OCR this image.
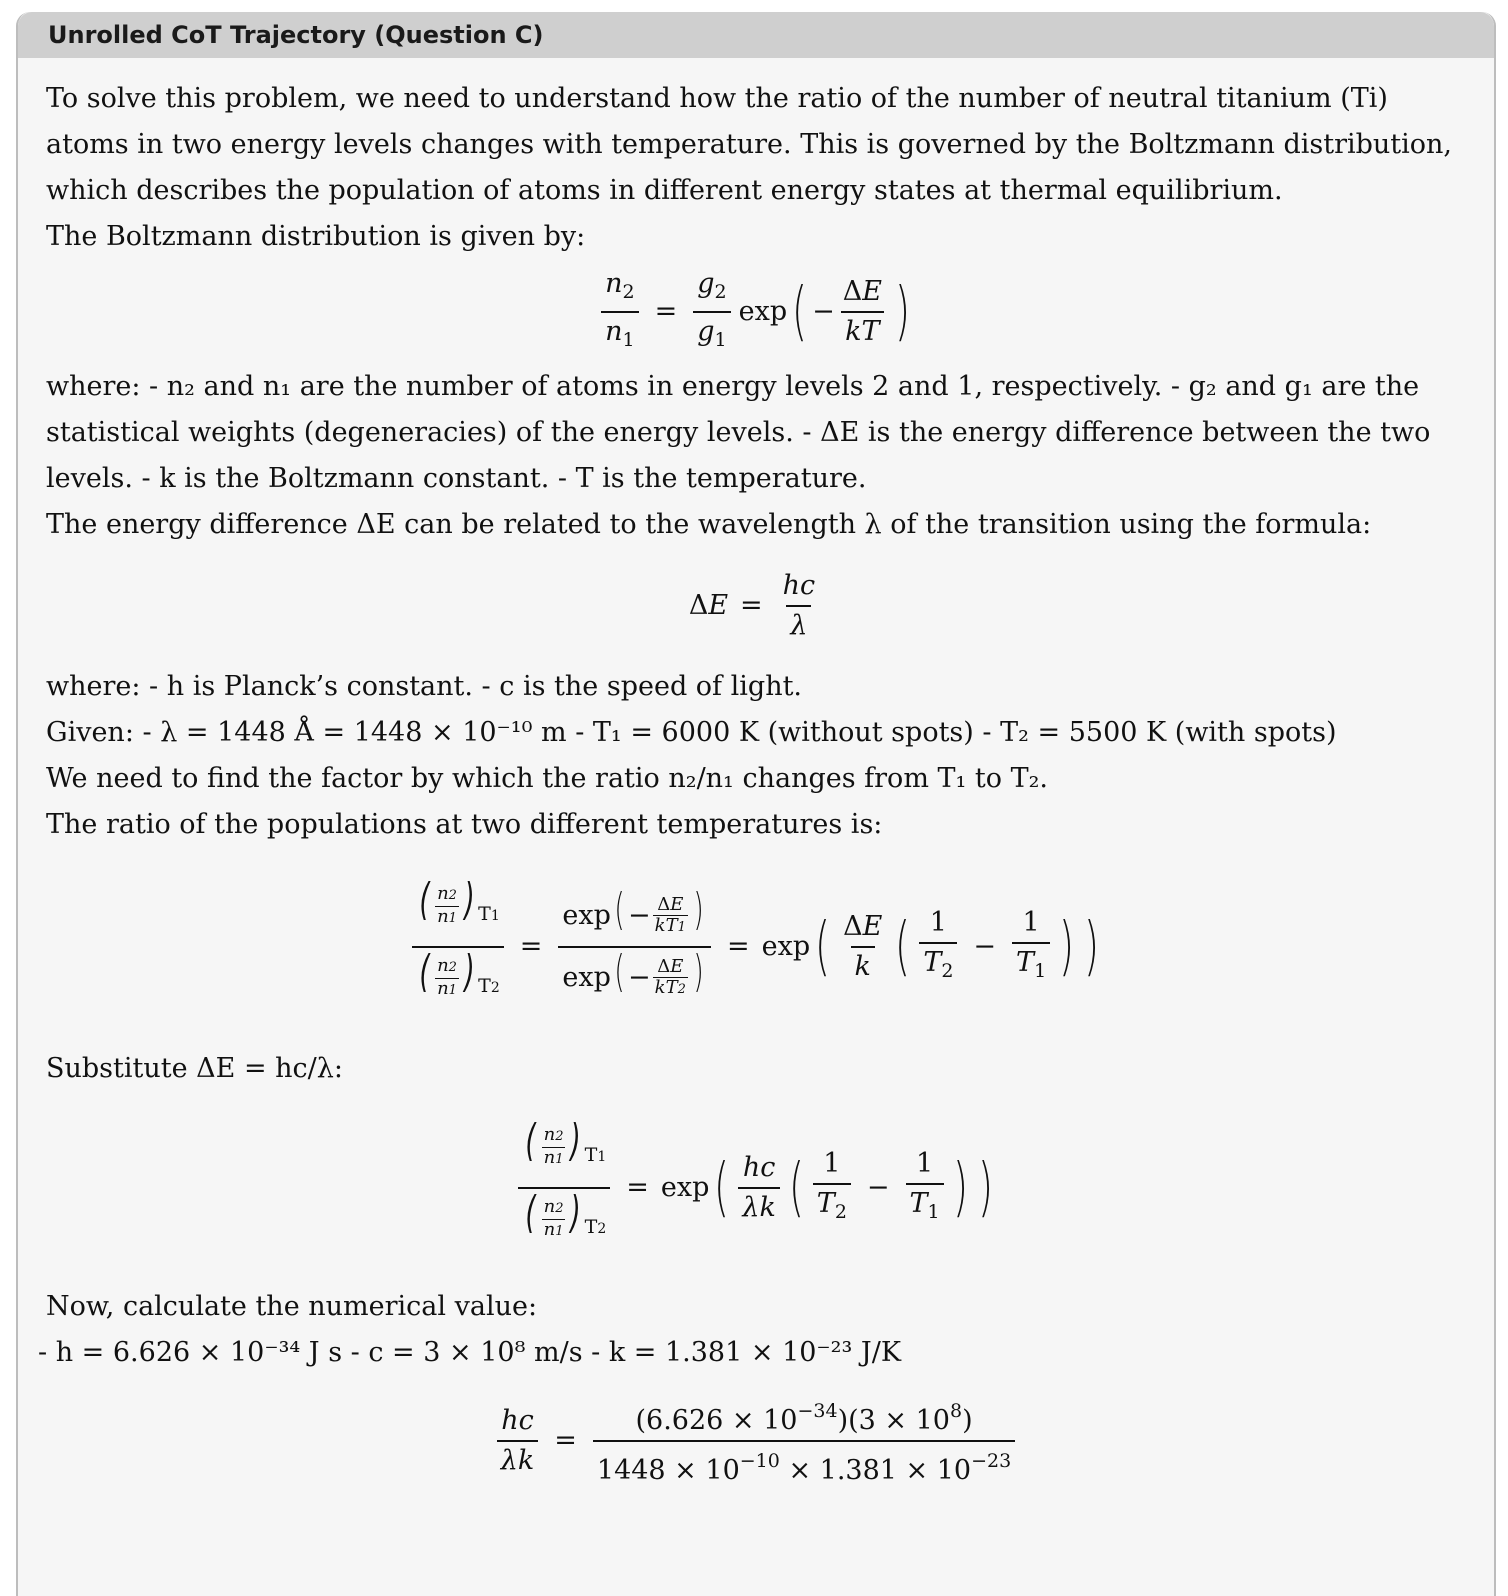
Unrolled CoT Trajectory (Question C)

To solve this problem, we need to understand how the ratio of the number of neutral titanium (Ti) atoms in two energy levels changes with temperature. This is governed by the Boltzmann distribution, which describes the population of atoms in different energy states at thermal equilibrium.

The Boltzmann distribution is given by:

$\frac{n_2}{n_1} = \frac{g_2}{g_1}$ exp ( − $\frac{\Delta E}{kT}$ )

where: - n₂ and n₁ are the number of atoms in energy levels 2 and 1, respectively. - g₂ and g₁ are the statistical weights (degeneracies) of the energy levels. - ΔE is the energy difference between the two levels. - k is the Boltzmann constant. - T is the temperature.

The energy difference ΔE can be related to the wavelength λ of the transition using the formula:

Δ $E = \frac{hc}{\lambda}$

where: - h is Planck’s constant. - c is the speed of light.

Given: - λ = 1448 Å = 1448 × 10⁻¹⁰ m - T₁ = 6000 K (without spots) - T₂ = 5500 K (with spots)

We need to find the factor by which the ratio n₂/n₁ changes from T₁ to T₂.

The ratio of the populations at two different temperatures is:

$\frac{( \frac{n2}{n1} ) _{T1}}{( \frac{n2}{n1} ) _{T2}} = \frac{\exp( - \frac{\Delta E}{kT1} )}{\exp( - \frac{\Delta E}{kT2} )} = \exp$ ( $\frac{\Delta E}{k}$ ( $\frac{1}{T_2} - \frac{1}{T_1}$ ) )

Substitute ΔE = hc/λ:

$\frac{( \frac{n2}{n1} ) _{T1}}{( \frac{n2}{n1} ) _{T2}} = \exp$ ( $\frac{hc}{\lambda k}$ ( $\frac{1}{T_2} - \frac{1}{T_1}$ ) )

Now, calculate the numerical value:

- h = 6.626 × 10⁻³⁴ J s - c = 3 × 10⁸ m/s - k = 1.381 × 10⁻²³ J/K

$\frac{hc}{\lambda k} = \frac{(6.626 \times 10^{-34})(3 \times 10^8)}{1448 \times 10^{-10} \times 1.381 \times 10^{-23}}$
